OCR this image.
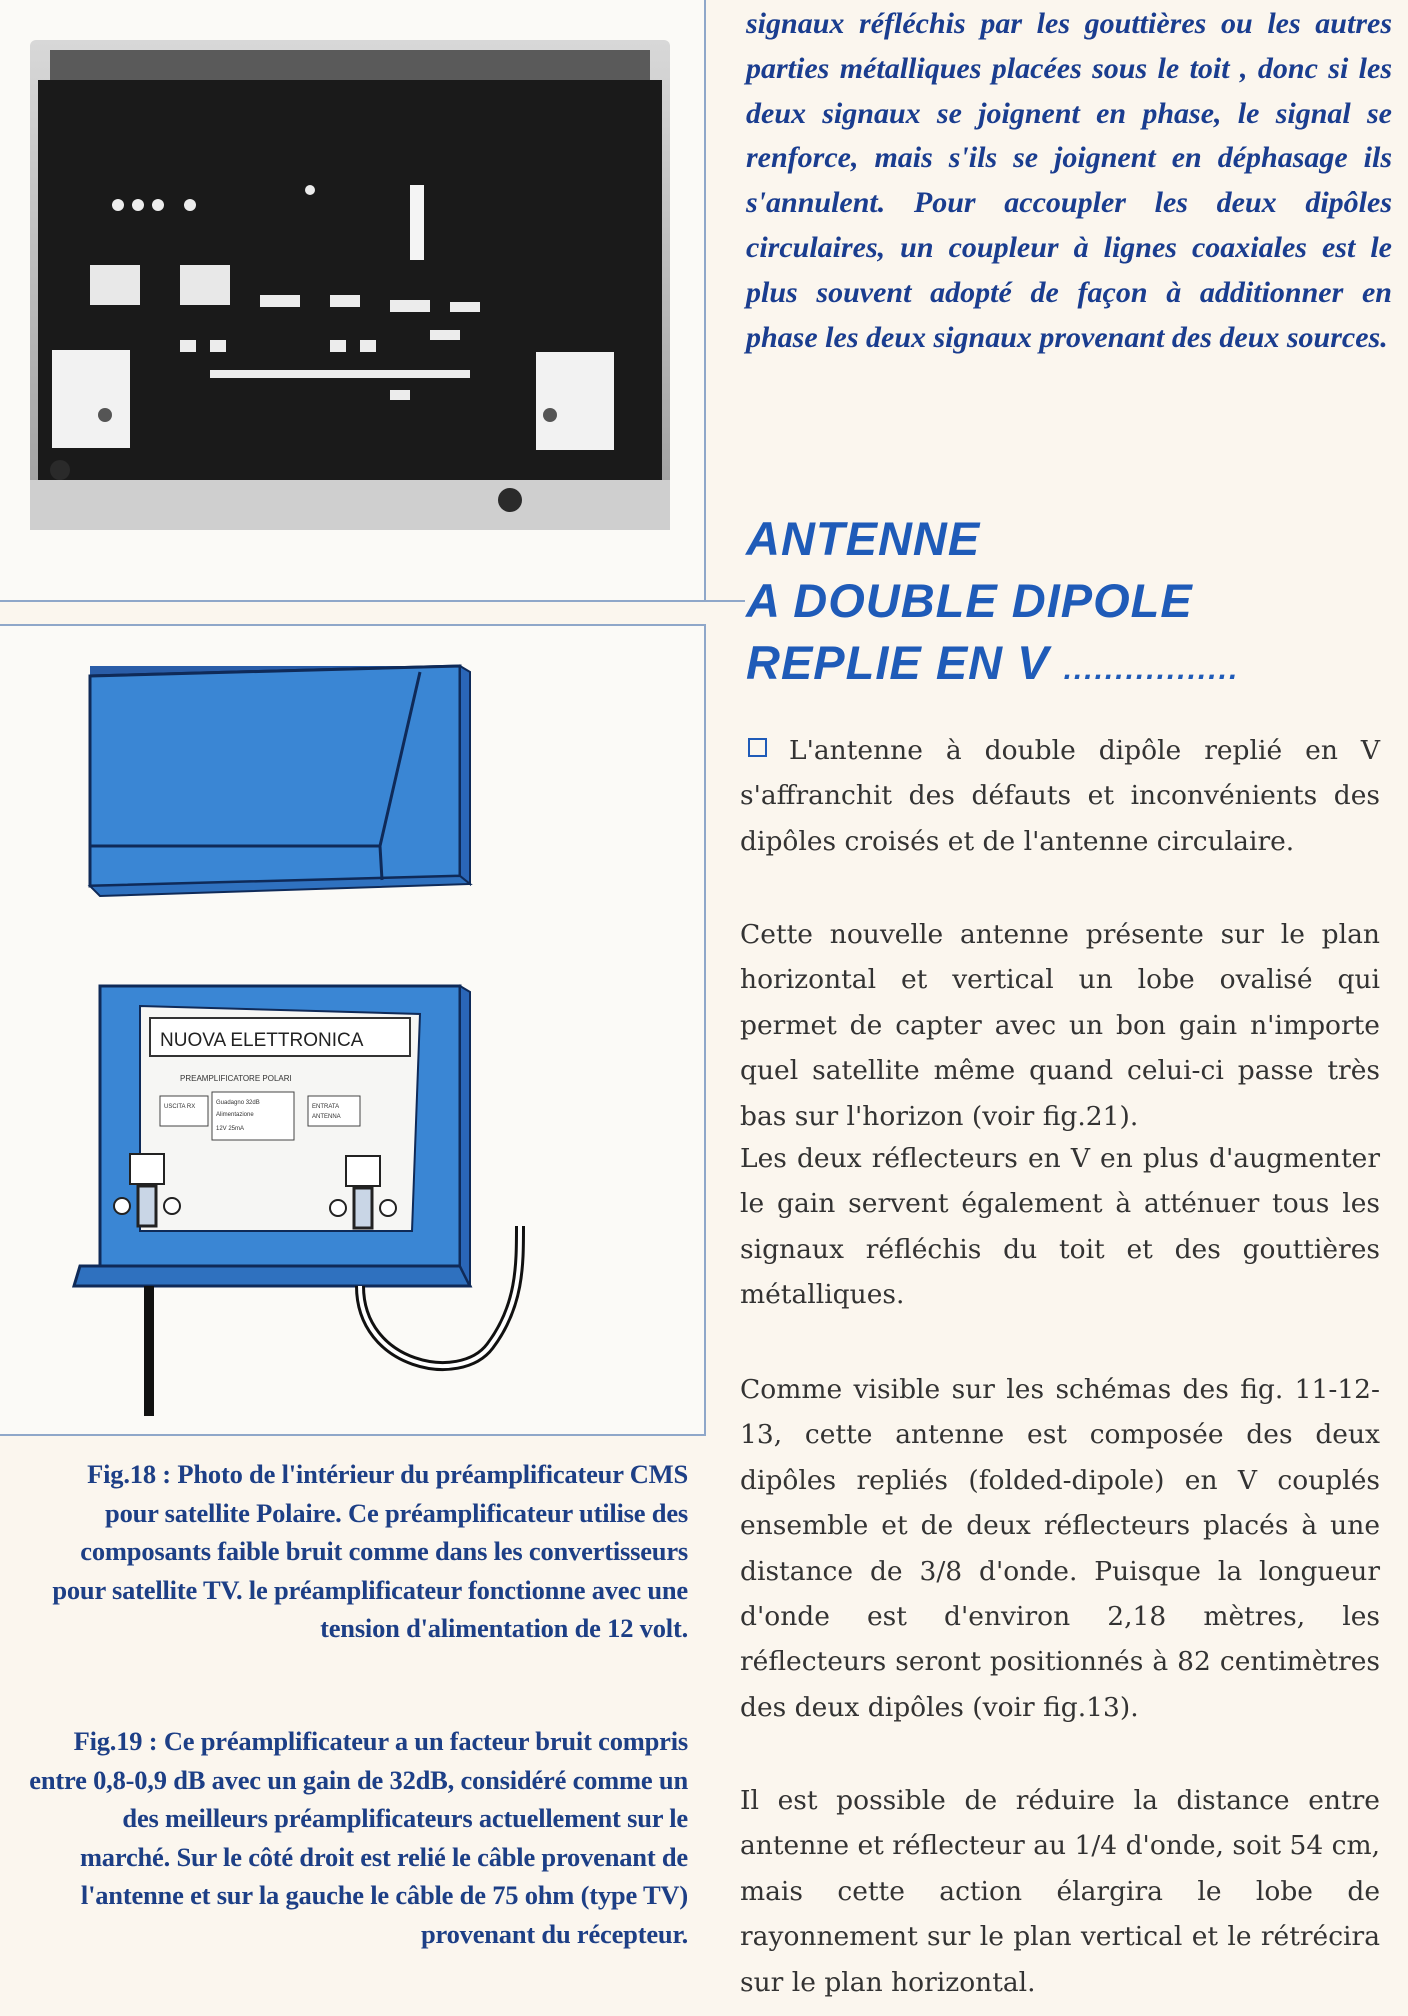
NUOVA ELETTRONICA
PREAMPLIFICATORE POLARI
USCITA RX
Guadagno 32dB
Alimentazione
12V 25mA
ENTRATA
ANTENNA
Fig.18 : Photo de l'intérieur du préamplificateur CMS pour satellite Polaire. Ce préamplificateur utilise des composants faible bruit comme dans les convertisseurs pour satellite TV. le préamplificateur fonctionne avec une tension d'alimentation de 12 volt.
Fig.19 : Ce préamplificateur a un facteur bruit compris entre 0,8-0,9 dB avec un gain de 32dB, considéré comme un des meilleurs préamplificateurs actuellement sur le marché. Sur le côté droit est relié le câble provenant de l'antenne et sur la gauche le câble de 75 ohm (type TV) provenant du récepteur.
signaux réfléchis par les gouttières ou les autres parties métalliques placées sous le toit , donc si les deux signaux se joignent en phase, le signal se renforce, mais s'ils se joignent en déphasage ils s'annulent. Pour accoupler les deux dipôles circulaires, un coupleur à lignes coaxiales est le plus souvent adopté de façon à additionner en phase les deux signaux provenant des deux sources.
ANTENNE
A DOUBLE DIPOLE
REPLIE EN V .................
L'antenne à double dipôle replié en V s'affranchit des défauts et inconvénients des dipôles croisés et de l'antenne circulaire.
Cette nouvelle antenne présente sur le plan horizontal et vertical un lobe ovalisé qui permet de capter avec un bon gain n'importe quel satellite même quand celui-ci passe très bas sur l'horizon (voir fig.21).
Les deux réflecteurs en V en plus d'augmenter le gain servent également à atténuer tous les signaux réfléchis du toit et des gouttières métalliques.
Comme visible sur les schémas des fig. 11-12-13, cette antenne est composée des deux dipôles repliés (folded-dipole) en V couplés ensemble et de deux réflecteurs placés à une distance de 3/8 d'onde. Puisque la longueur d'onde est d'environ 2,18 mètres, les réflecteurs seront positionnés à 82 centimètres des deux dipôles (voir fig.13).
Il est possible de réduire la distance entre antenne et réflecteur au 1/4 d'onde, soit 54 cm, mais cette action élargira le lobe de rayonnement sur le plan vertical et le rétrécira sur le plan horizontal.
